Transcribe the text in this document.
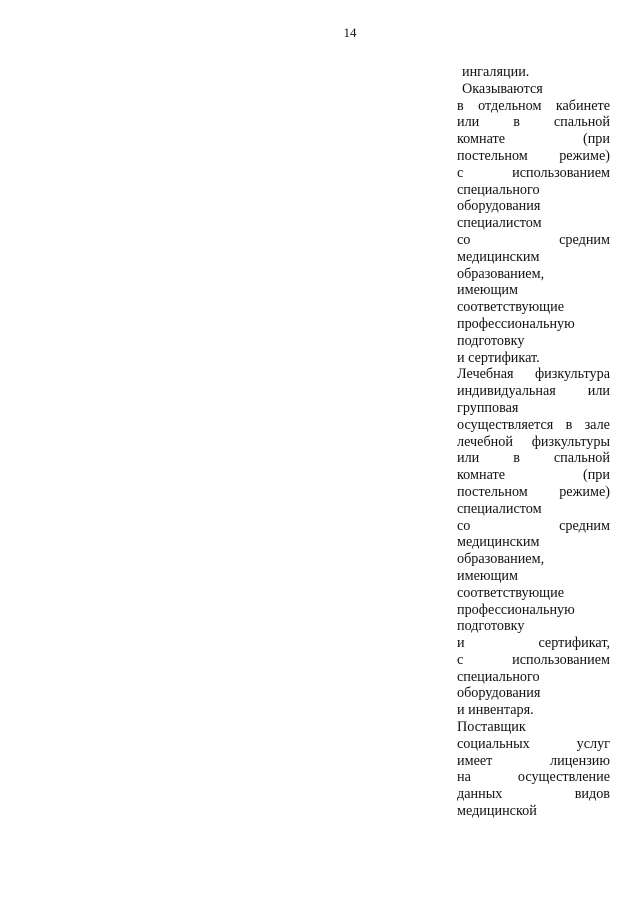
14
ингаляции.
Оказываются
в отдельном кабинете
или в спальной
комнате	(при
постельном режиме)
с	использованием
специального
оборудования
специалистом
со	средним
медицинским
образованием,
имеющим
соответствующие
профессиональную
подготовку
и сертификат.
Лечебная физкультура
индивидуальная или
групповая
осуществляется в зале
лечебной физкультуры
или в спальной
комнате	(при
постельном режиме)
специалистом
со	средним
медицинским
образованием,
имеющим
соответствующие
профессиональную
подготовку
и	сертификат,
с	использованием
специального
оборудования
и инвентаря.
Поставщик
социальных	услуг
имеет	лицензию
на	осуществление
данных	видов
медицинской
